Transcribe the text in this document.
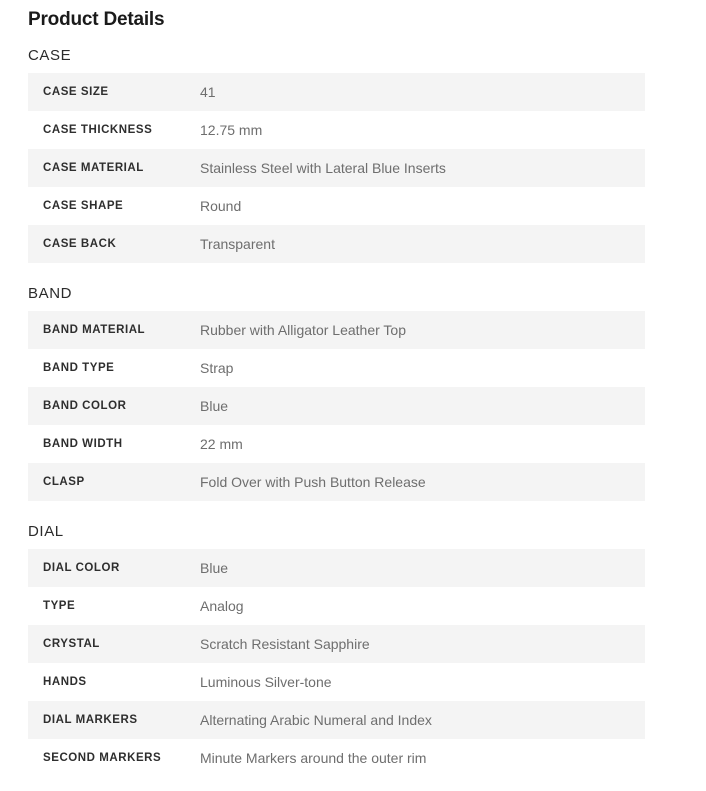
Product Details
CASE
CASE SIZE	41
CASE THICKNESS	12.75 mm
CASE MATERIAL	Stainless Steel with Lateral Blue Inserts
CASE SHAPE	Round
CASE BACK	Transparent
BAND
BAND MATERIAL	Rubber with Alligator Leather Top
BAND TYPE	Strap
BAND COLOR	Blue
BAND WIDTH	22 mm
CLASP	Fold Over with Push Button Release
DIAL
DIAL COLOR	Blue
TYPE	Analog
CRYSTAL	Scratch Resistant Sapphire
HANDS	Luminous Silver-tone
DIAL MARKERS	Alternating Arabic Numeral and Index
SECOND MARKERS	Minute Markers around the outer rim
